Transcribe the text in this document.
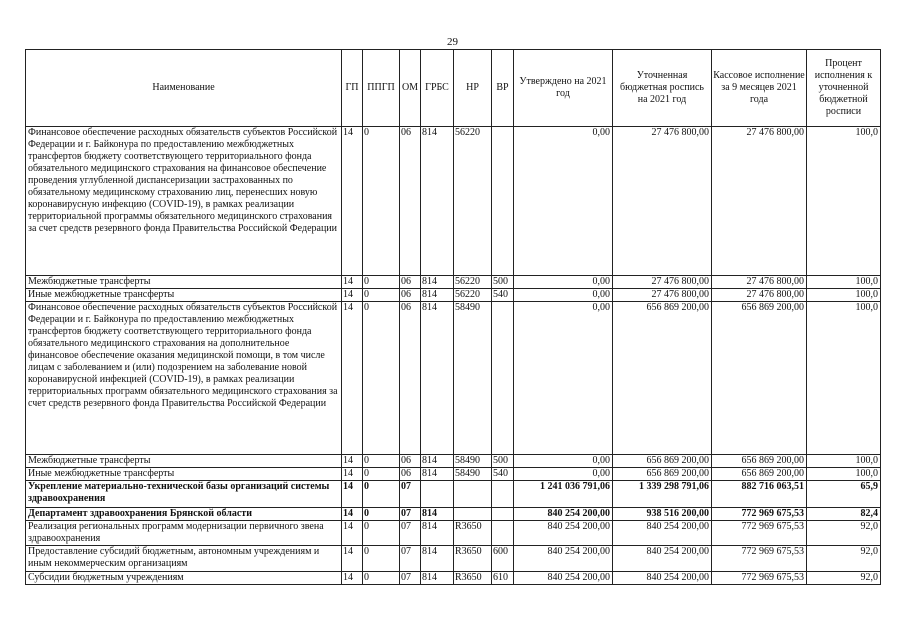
29
Наименование	ГП	ППГП	ОМ	ГРБС	НР	ВР	Утверждено на 2021 год	Уточненная бюджетная роспись на 2021 год	Кассовое исполнение за 9 месяцев 2021 года	Процент исполнения к уточненной бюджетной росписи
Финансовое обеспечение расходных обязательств субъектов Российской Федерации и г. Байконура по предоставлению межбюджетных трансфертов бюджету соответствующего территориального фонда обязательного медицинского страхования на финансовое обеспечение проведения углубленной диспансеризации застрахованных по обязательному медицинскому страхованию лиц, перенесших новую коронавирусную инфекцию (COVID-19), в рамках реализации территориальной программы обязательного медицинского страхования за счет средств резервного фонда Правительства Российской Федерации	14	0	06	814	56220		0,00	27 476 800,00	27 476 800,00	100,0
Межбюджетные трансферты	14	0	06	814	56220	500	0,00	27 476 800,00	27 476 800,00	100,0
Иные межбюджетные трансферты	14	0	06	814	56220	540	0,00	27 476 800,00	27 476 800,00	100,0
Финансовое обеспечение расходных обязательств субъектов Российской Федерации и г. Байконура по предоставлению межбюджетных трансфертов бюджету соответствующего территориального фонда обязательного медицинского страхования на дополнительное финансовое обеспечение оказания медицинской помощи, в том числе лицам с заболеванием и (или) подозрением на заболевание новой коронавирусной инфекцией (COVID-19), в рамках реализации территориальных программ обязательного медицинского страхования за счет средств резервного фонда Правительства Российской Федерации	14	0	06	814	58490		0,00	656 869 200,00	656 869 200,00	100,0
Межбюджетные трансферты	14	0	06	814	58490	500	0,00	656 869 200,00	656 869 200,00	100,0
Иные межбюджетные трансферты	14	0	06	814	58490	540	0,00	656 869 200,00	656 869 200,00	100,0
Укрепление материально-технической базы организаций системы здравоохранения	14	0	07				1 241 036 791,06	1 339 298 791,06	882 716 063,51	65,9
Департамент здравоохранения Брянской области	14	0	07	814			840 254 200,00	938 516 200,00	772 969 675,53	82,4
Реализация региональных программ модернизации первичного звена здравоохранения	14	0	07	814	R3650		840 254 200,00	840 254 200,00	772 969 675,53	92,0
Предоставление субсидий бюджетным, автономным учреждениям и иным некоммерческим организациям	14	0	07	814	R3650	600	840 254 200,00	840 254 200,00	772 969 675,53	92,0
Субсидии бюджетным учреждениям	14	0	07	814	R3650	610	840 254 200,00	840 254 200,00	772 969 675,53	92,0
